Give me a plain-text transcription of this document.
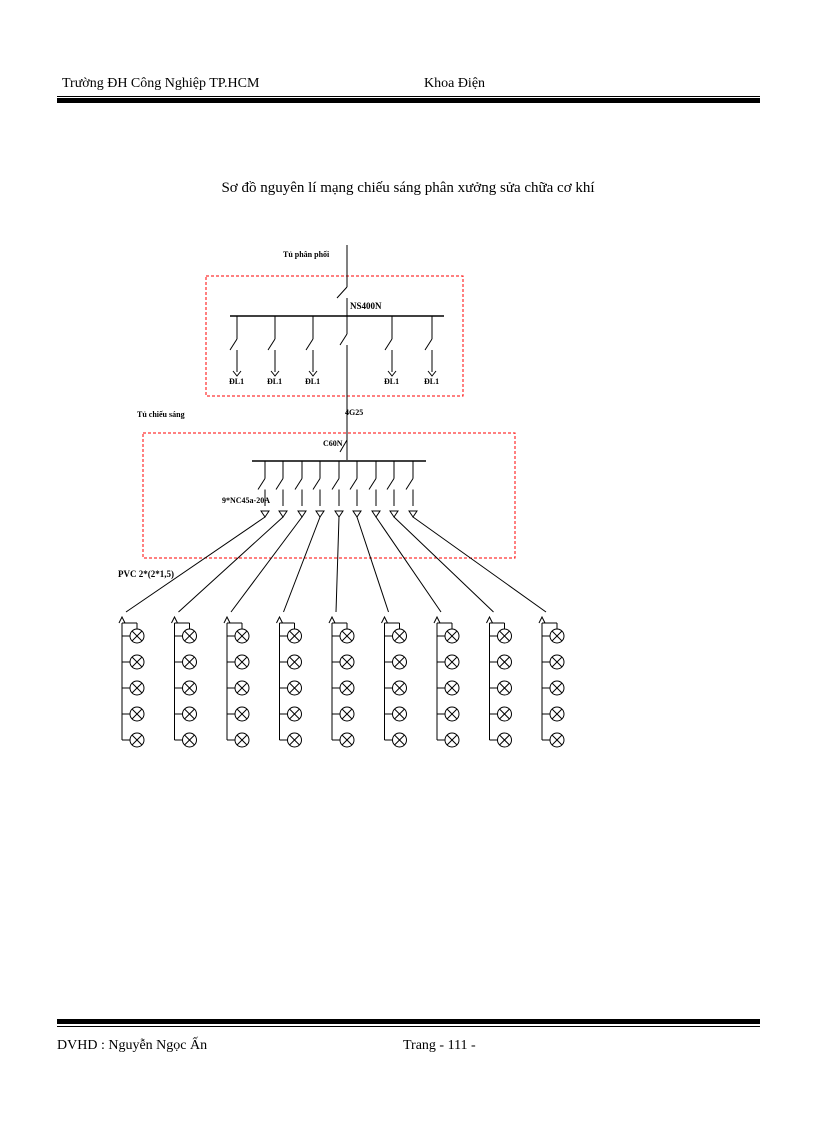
Trường ĐH Công Nghiệp TP.HCM	Khoa Điện
Sơ đồ nguyên lí mạng chiếu sáng phân xưởng sửa chữa cơ khí
Tủ phân phối
NS400N
ĐL1	ĐL1	ĐL1	ĐL1	ĐL1
4G25
Tủ chiếu sáng
C60N
9*NC45a-20A
PVC 2*(2*1,5)
DVHD : Nguyễn Ngọc Ấn	Trang - 111 -
